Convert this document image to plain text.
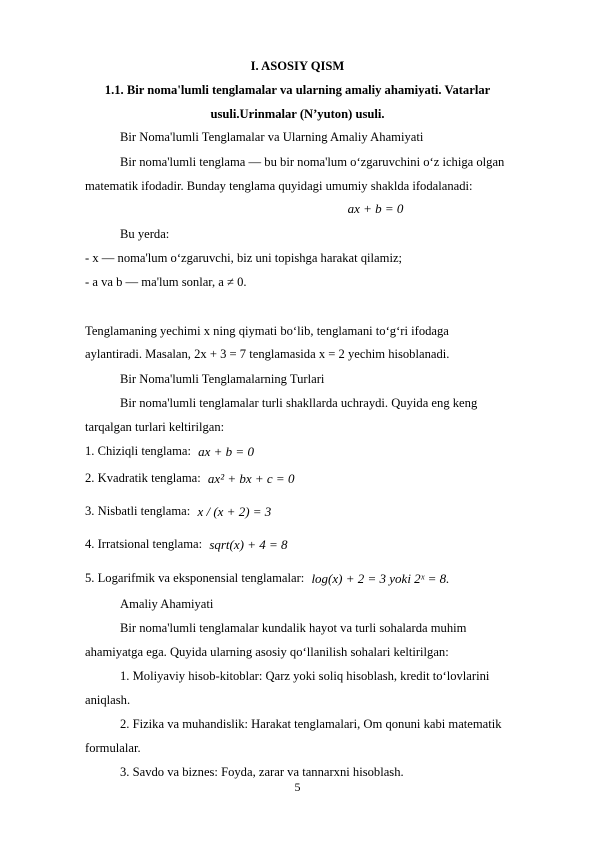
I. ASOSIY QISM
1.1. Bir noma'lumli tenglamalar va ularning amaliy ahamiyati. Vatarlar
usuli.Urinmalar (N’yuton) usuli.
Bir Noma'lumli Tenglamalar va Ularning Amaliy Ahamiyati
Bir noma'lumli tenglama — bu bir noma'lum o‘zgaruvchini o‘z ichiga olgan
matematik ifodadir. Bunday tenglama quyidagi umumiy shaklda ifodalanadi:
ax + b = 0
Bu yerda:
- x — noma'lum o‘zgaruvchi, biz uni topishga harakat qilamiz;
- a va b — ma'lum sonlar, a ≠ 0.
Tenglamaning yechimi x ning qiymati bo‘lib, tenglamani to‘g‘ri ifodaga
aylantiradi. Masalan, 2x + 3 = 7 tenglamasida x = 2 yechim hisoblanadi.
Bir Noma'lumli Tenglamalarning Turlari
Bir noma'lumli tenglamalar turli shakllarda uchraydi. Quyida eng keng
tarqalgan turlari keltirilgan:
1. Chiziqli tenglama: ax + b = 0
2. Kvadratik tenglama: ax² + bx + c = 0
3. Nisbatli tenglama: x / (x + 2) = 3
4. Irratsional tenglama: sqrt(x) + 4 = 8
5. Logarifmik va eksponensial tenglamalar: log(x) + 2 = 3 yoki 2ˣ = 8.
Amaliy Ahamiyati
Bir noma'lumli tenglamalar kundalik hayot va turli sohalarda muhim
ahamiyatga ega. Quyida ularning asosiy qo‘llanilish sohalari keltirilgan:
1. Moliyaviy hisob-kitoblar: Qarz yoki soliq hisoblash, kredit to‘lovlarini
aniqlash.
2. Fizika va muhandislik: Harakat tenglamalari, Om qonuni kabi matematik
formulalar.
3. Savdo va biznes: Foyda, zarar va tannarxni hisoblash.
5
